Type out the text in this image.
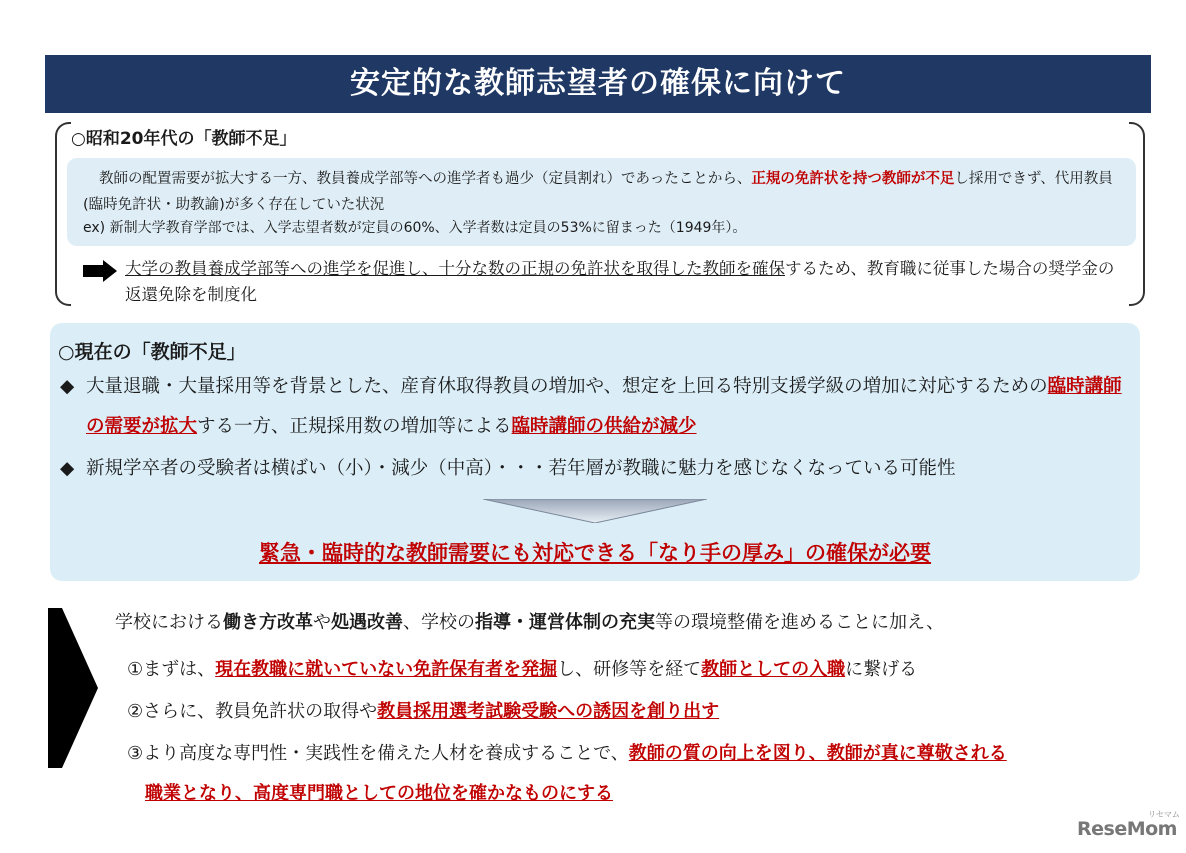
安定的な教師志望者の確保に向けて
○昭和20年代の「教師不足」
教師の配置需要が拡大する一方、教員養成学部等への進学者も過少（定員割れ）であったことから、正規の免許状を持つ教師が不足し採用できず、代用教員(臨時免許状・助教諭)が多く存在していた状況
ex) 新制大学教育学部では、入学志望者数が定員の60%、入学者数は定員の53%に留まった（1949年）。
大学の教員養成学部等への進学を促進し、十分な数の正規の免許状を取得した教師を確保するため、教育職に従事した場合の奨学金の返還免除を制度化
○現在の「教師不足」
◆ 大量退職・大量採用等を背景とした、産育休取得教員の増加や、想定を上回る特別支援学級の増加に対応するための臨時講師の需要が拡大する一方、正規採用数の増加等による臨時講師の供給が減少
◆ 新規学卒者の受験者は横ばい（小）・減少（中高）・・・若年層が教職に魅力を感じなくなっている可能性
緊急・臨時的な教師需要にも対応できる「なり手の厚み」の確保が必要
学校における働き方改革や処遇改善、学校の指導・運営体制の充実等の環境整備を進めることに加え、
①まずは、現在教職に就いていない免許保有者を発掘し、研修等を経て教師としての入職に繋げる
②さらに、教員免許状の取得や教員採用選考試験受験への誘因を創り出す
③より高度な専門性・実践性を備えた人材を養成することで、教師の質の向上を図り、教師が真に尊敬される
職業となり、高度専門職としての地位を確かなものにする
リセマム
ReseMom
